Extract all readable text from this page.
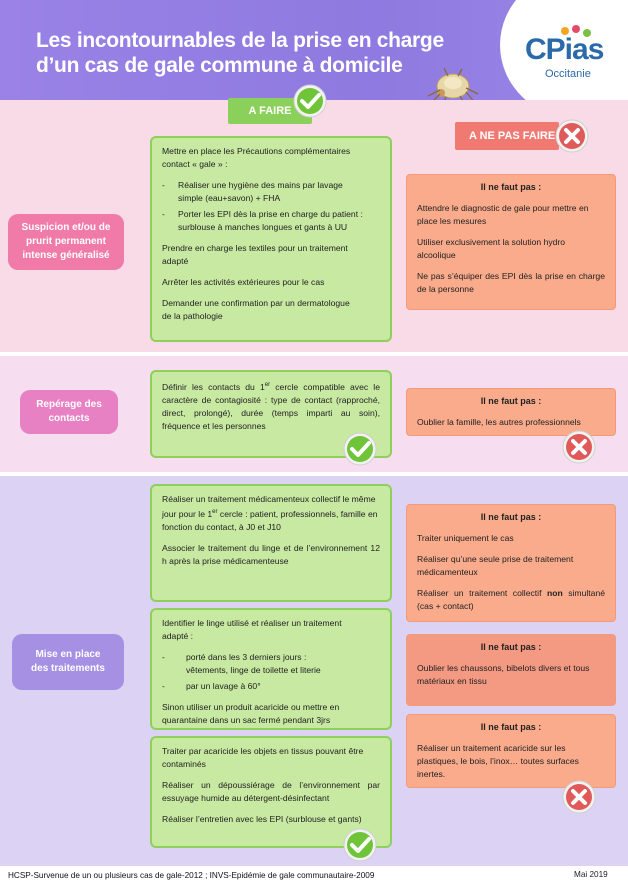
Les incontournables de la prise en charge
d’un cas de gale commune à domicile	CPias
Occitanie
A FAIRE
A NE PAS FAIRE
Suspicion et/ou de
prurit permanent
intense généralisé

Mettre en place les Précautions complémentaires
contact « gale » :

- Réaliser une hygiène des mains par lavage
simple (eau+savon) + FHA
- Porter les EPI dès la prise en charge du patient :
surblouse à manches longues et gants à UU

Prendre en charge les textiles pour un traitement
adapté

Arrêter les activités extérieures pour le cas

Demander une confirmation par un dermatologue
de la pathologie

Il ne faut pas :

Attendre le diagnostic de gale pour mettre en place les mesures

Utiliser exclusivement la solution hydro alcoolique

Ne pas s’équiper des EPI dès la prise en charge de la personne

Repérage des
contacts

Définir les contacts du 1er cercle compatible avec le caractère de contagiosité : type de contact (rapproché, direct, prolongé), durée (temps imparti au soin), fréquence et les personnes

Il ne faut pas :

Oublier la famille, les autres professionnels

Mise en place
des traitements

Réaliser un traitement médicamenteux collectif le même jour pour le 1er cercle : patient, professionnels, famille en fonction du contact, à J0 et J10

Associer le traitement du linge et de l’environnement 12 h après la prise médicamenteuse

Identifier le linge utilisé et réaliser un traitement
adapté :

- porté dans les 3 derniers jours :
vêtements, linge de toilette et literie
- par un lavage à 60°

Sinon utiliser un produit acaricide ou mettre en quarantaine dans un sac fermé pendant 3jrs

Traiter par acaricide les objets en tissus pouvant être contaminés

Réaliser un dépoussiérage de l’environnement par essuyage humide au détergent-désinfectant

Réaliser l’entretien avec les EPI (surblouse et gants)

Il ne faut pas :

Traiter uniquement le cas

Réaliser qu’une seule prise de traitement médicamenteux

Réaliser un traitement collectif non simultané (cas + contact)

Il ne faut pas :

Oublier les chaussons, bibelots divers et tous matériaux en tissu

Il ne faut pas :

Réaliser un traitement acaricide sur les plastiques, le bois, l’inox… toutes surfaces inertes.

HCSP-Survenue de un ou plusieurs cas de gale-2012 ; INVS-Epidémie de gale communautaire-2009	Mai 2019
